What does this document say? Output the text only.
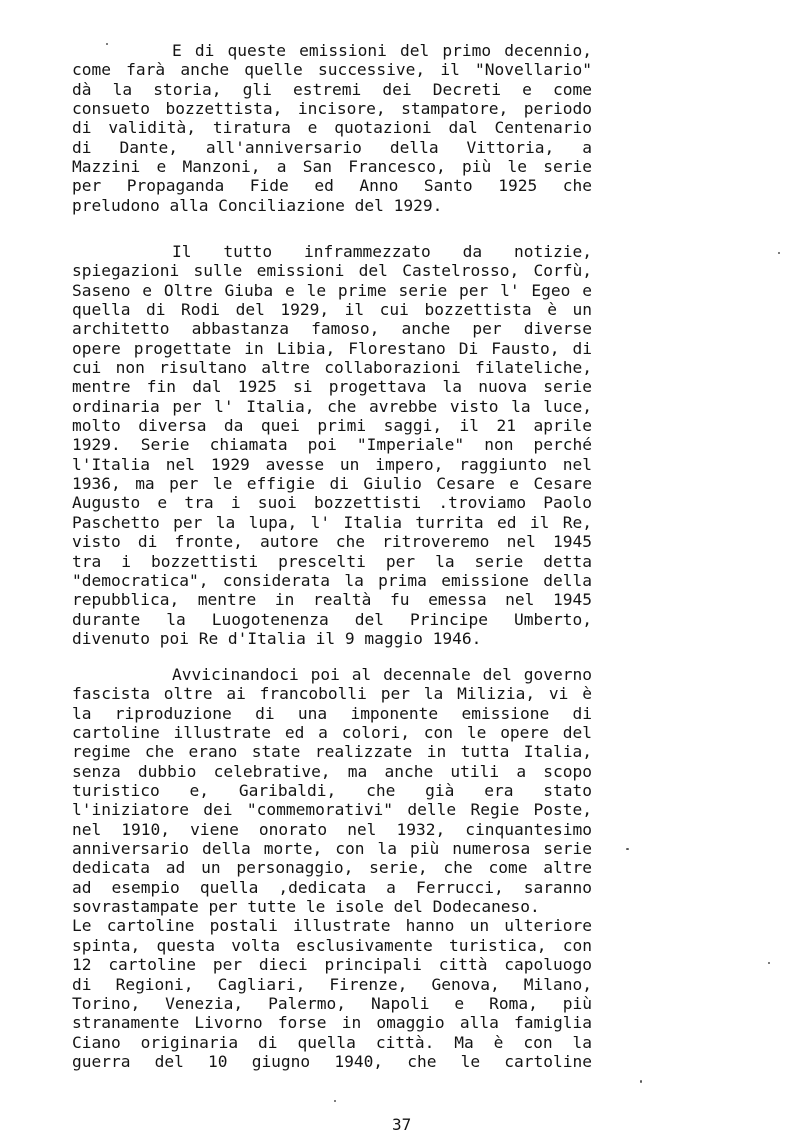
E di queste emissioni del primo decennio,
come farà anche quelle successive, il "Novellario"
dà la storia, gli estremi dei Decreti e come
consueto bozzettista, incisore, stampatore, periodo
di validità, tiratura e quotazioni dal Centenario
di Dante, all'anniversario della Vittoria, a
Mazzini e Manzoni, a San Francesco, più le serie
per Propaganda Fide ed Anno Santo 1925 che
preludono alla Conciliazione del 1929.
Il tutto inframmezzato da notizie,
spiegazioni sulle emissioni del Castelrosso, Corfù,
Saseno e Oltre Giuba e le prime serie per l' Egeo e
quella di Rodi del 1929, il cui bozzettista è un
architetto abbastanza famoso, anche per diverse
opere progettate in Libia, Florestano Di Fausto, di
cui non risultano altre collaborazioni filateliche,
mentre fin dal 1925 si progettava la nuova serie
ordinaria per l' Italia, che avrebbe visto la luce,
molto diversa da quei primi saggi, il 21 aprile
1929. Serie chiamata poi "Imperiale" non perché
l'Italia nel 1929 avesse un impero, raggiunto nel
1936, ma per le effigie di Giulio Cesare e Cesare
Augusto e tra i suoi bozzettisti .troviamo Paolo
Paschetto per la lupa, l' Italia turrita ed il Re,
visto di fronte, autore che ritroveremo nel 1945
tra i bozzettisti prescelti per la serie detta
"democratica", considerata la prima emissione della
repubblica, mentre in realtà fu emessa nel 1945
durante la Luogotenenza del Principe Umberto,
divenuto poi Re d'Italia il 9 maggio 1946.
Avvicinandoci poi al decennale del governo
fascista oltre ai francobolli per la Milizia, vi è
la riproduzione di una imponente emissione di
cartoline illustrate ed a colori, con le opere del
regime che erano state realizzate in tutta Italia,
senza dubbio celebrative, ma anche utili a scopo
turistico e, Garibaldi, che già era stato
l'iniziatore dei "commemorativi" delle Regie Poste,
nel 1910, viene onorato nel 1932, cinquantesimo
anniversario della morte, con la più numerosa serie
dedicata ad un personaggio, serie, che come altre
ad esempio quella ,dedicata a Ferrucci, saranno
sovrastampate per tutte le isole del Dodecaneso.
Le cartoline postali illustrate hanno un ulteriore
spinta, questa volta esclusivamente turistica, con
12 cartoline per dieci principali città capoluogo
di Regioni, Cagliari, Firenze, Genova, Milano,
Torino, Venezia, Palermo, Napoli e Roma, più
stranamente Livorno forse in omaggio alla famiglia
Ciano originaria di quella città. Ma è con la
guerra del 10 giugno 1940, che le cartoline
37
